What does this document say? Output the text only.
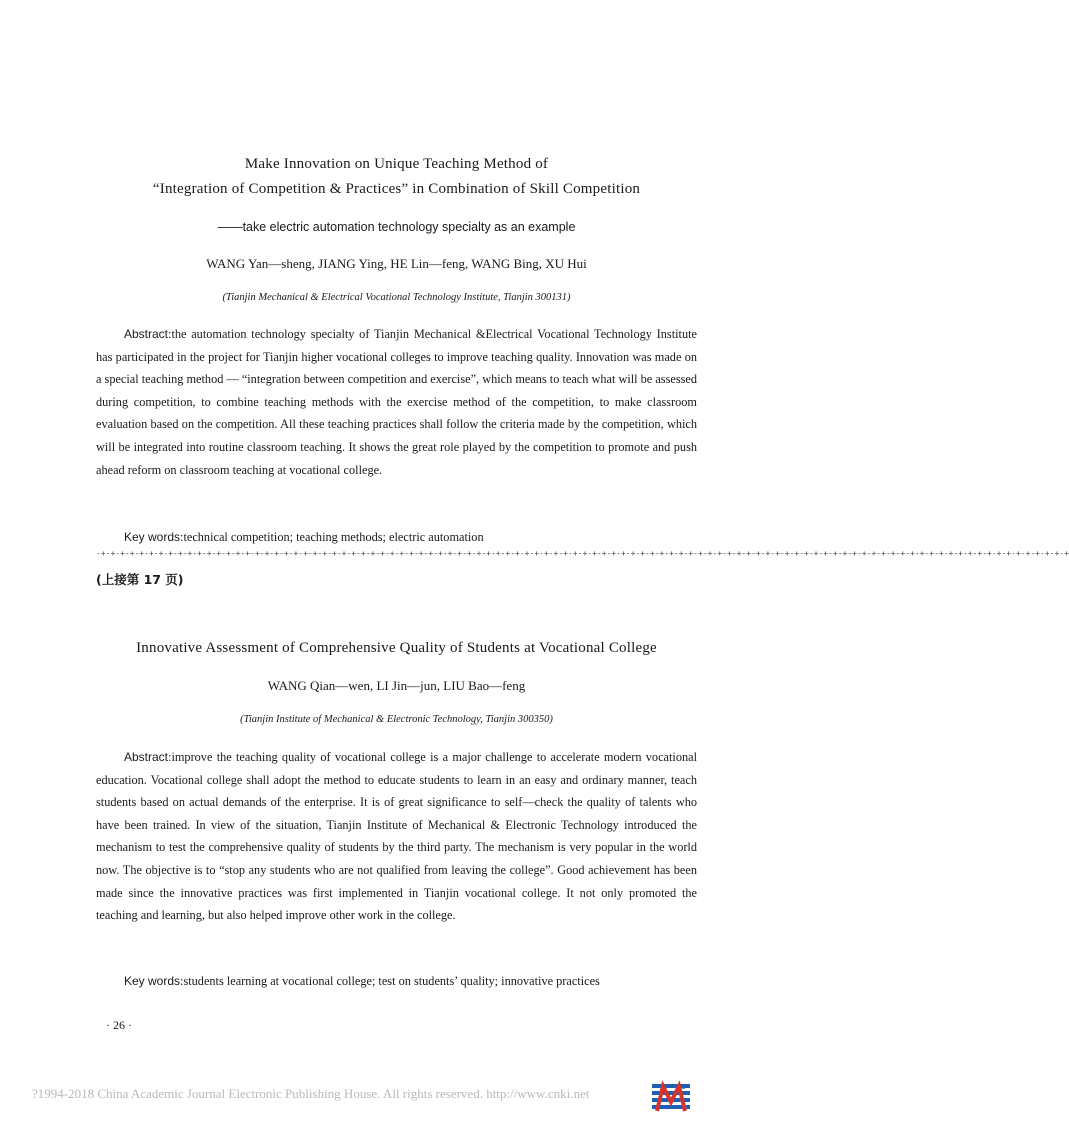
Make Innovation on Unique Teaching Method of
“Integration of Competition & Practices” in Combination of Skill Competition
——take electric automation technology specialty as an example
WANG Yan—sheng, JIANG Ying, HE Lin—feng, WANG Bing, XU Hui
(Tianjin Mechanical & Electrical Vocational Technology Institute, Tianjin 300131)
Abstract:the automation technology specialty of Tianjin Mechanical &Electrical Vocational Technology Institute has participated in the project for Tianjin higher vocational colleges to improve teaching quality. Innovation was made on a special teaching method — “integration between competition and exercise”, which means to teach what will be assessed during competition, to combine teaching methods with the exercise method of the competition, to make classroom evaluation based on the competition. All these teaching practices shall follow the criteria made by the competition, which will be integrated into routine classroom teaching. It shows the great role played by the competition to promote and push ahead reform on classroom teaching at vocational college.
Key words:technical competition; teaching methods; electric automation
-+-+-+-+-+-+-+-+-+-+-+-+-+-+-+-+-+-+-+-+-+-+-+-+-+-+-+-+-+-+-+-+-+-+-+-+-+-+-+-+-+-+-+-+-+-+-+-+-+-+-+-+-+-+-+-+-+-+-+-+-+-+-+-+-+-+-+-+-+-+-+-+-+-+-+-+-+-+-+-+-+-+-+-+-+-+-+-+-+-+-+-+-+-+-+-+-+-+-+-+-+
(上接第 17 页)
Innovative Assessment of Comprehensive Quality of Students at Vocational College
WANG Qian—wen, LI Jin—jun, LIU Bao—feng
(Tianjin Institute of Mechanical & Electronic Technology, Tianjin 300350)
Abstract:improve the teaching quality of vocational college is a major challenge to accelerate modern vocational education. Vocational college shall adopt the method to educate students to learn in an easy and ordinary manner, teach students based on actual demands of the enterprise. It is of great significance to self—check the quality of talents who have been trained. In view of the situation, Tianjin Institute of Mechanical & Electronic Technology introduced the mechanism to test the comprehensive quality of students by the third party. The mechanism is very popular in the world now. The objective is to “stop any students who are not qualified from leaving the college”. Good achievement has been made since the innovative practices was first implemented in Tianjin vocational college. It not only promoted the teaching and learning, but also helped improve other work in the college.
Key words:students learning at vocational college; test on students’ quality; innovative practices
· 26 ·
?1994-2018 China Academic Journal Electronic Publishing House. All rights reserved. http://www.cnki.net	e
